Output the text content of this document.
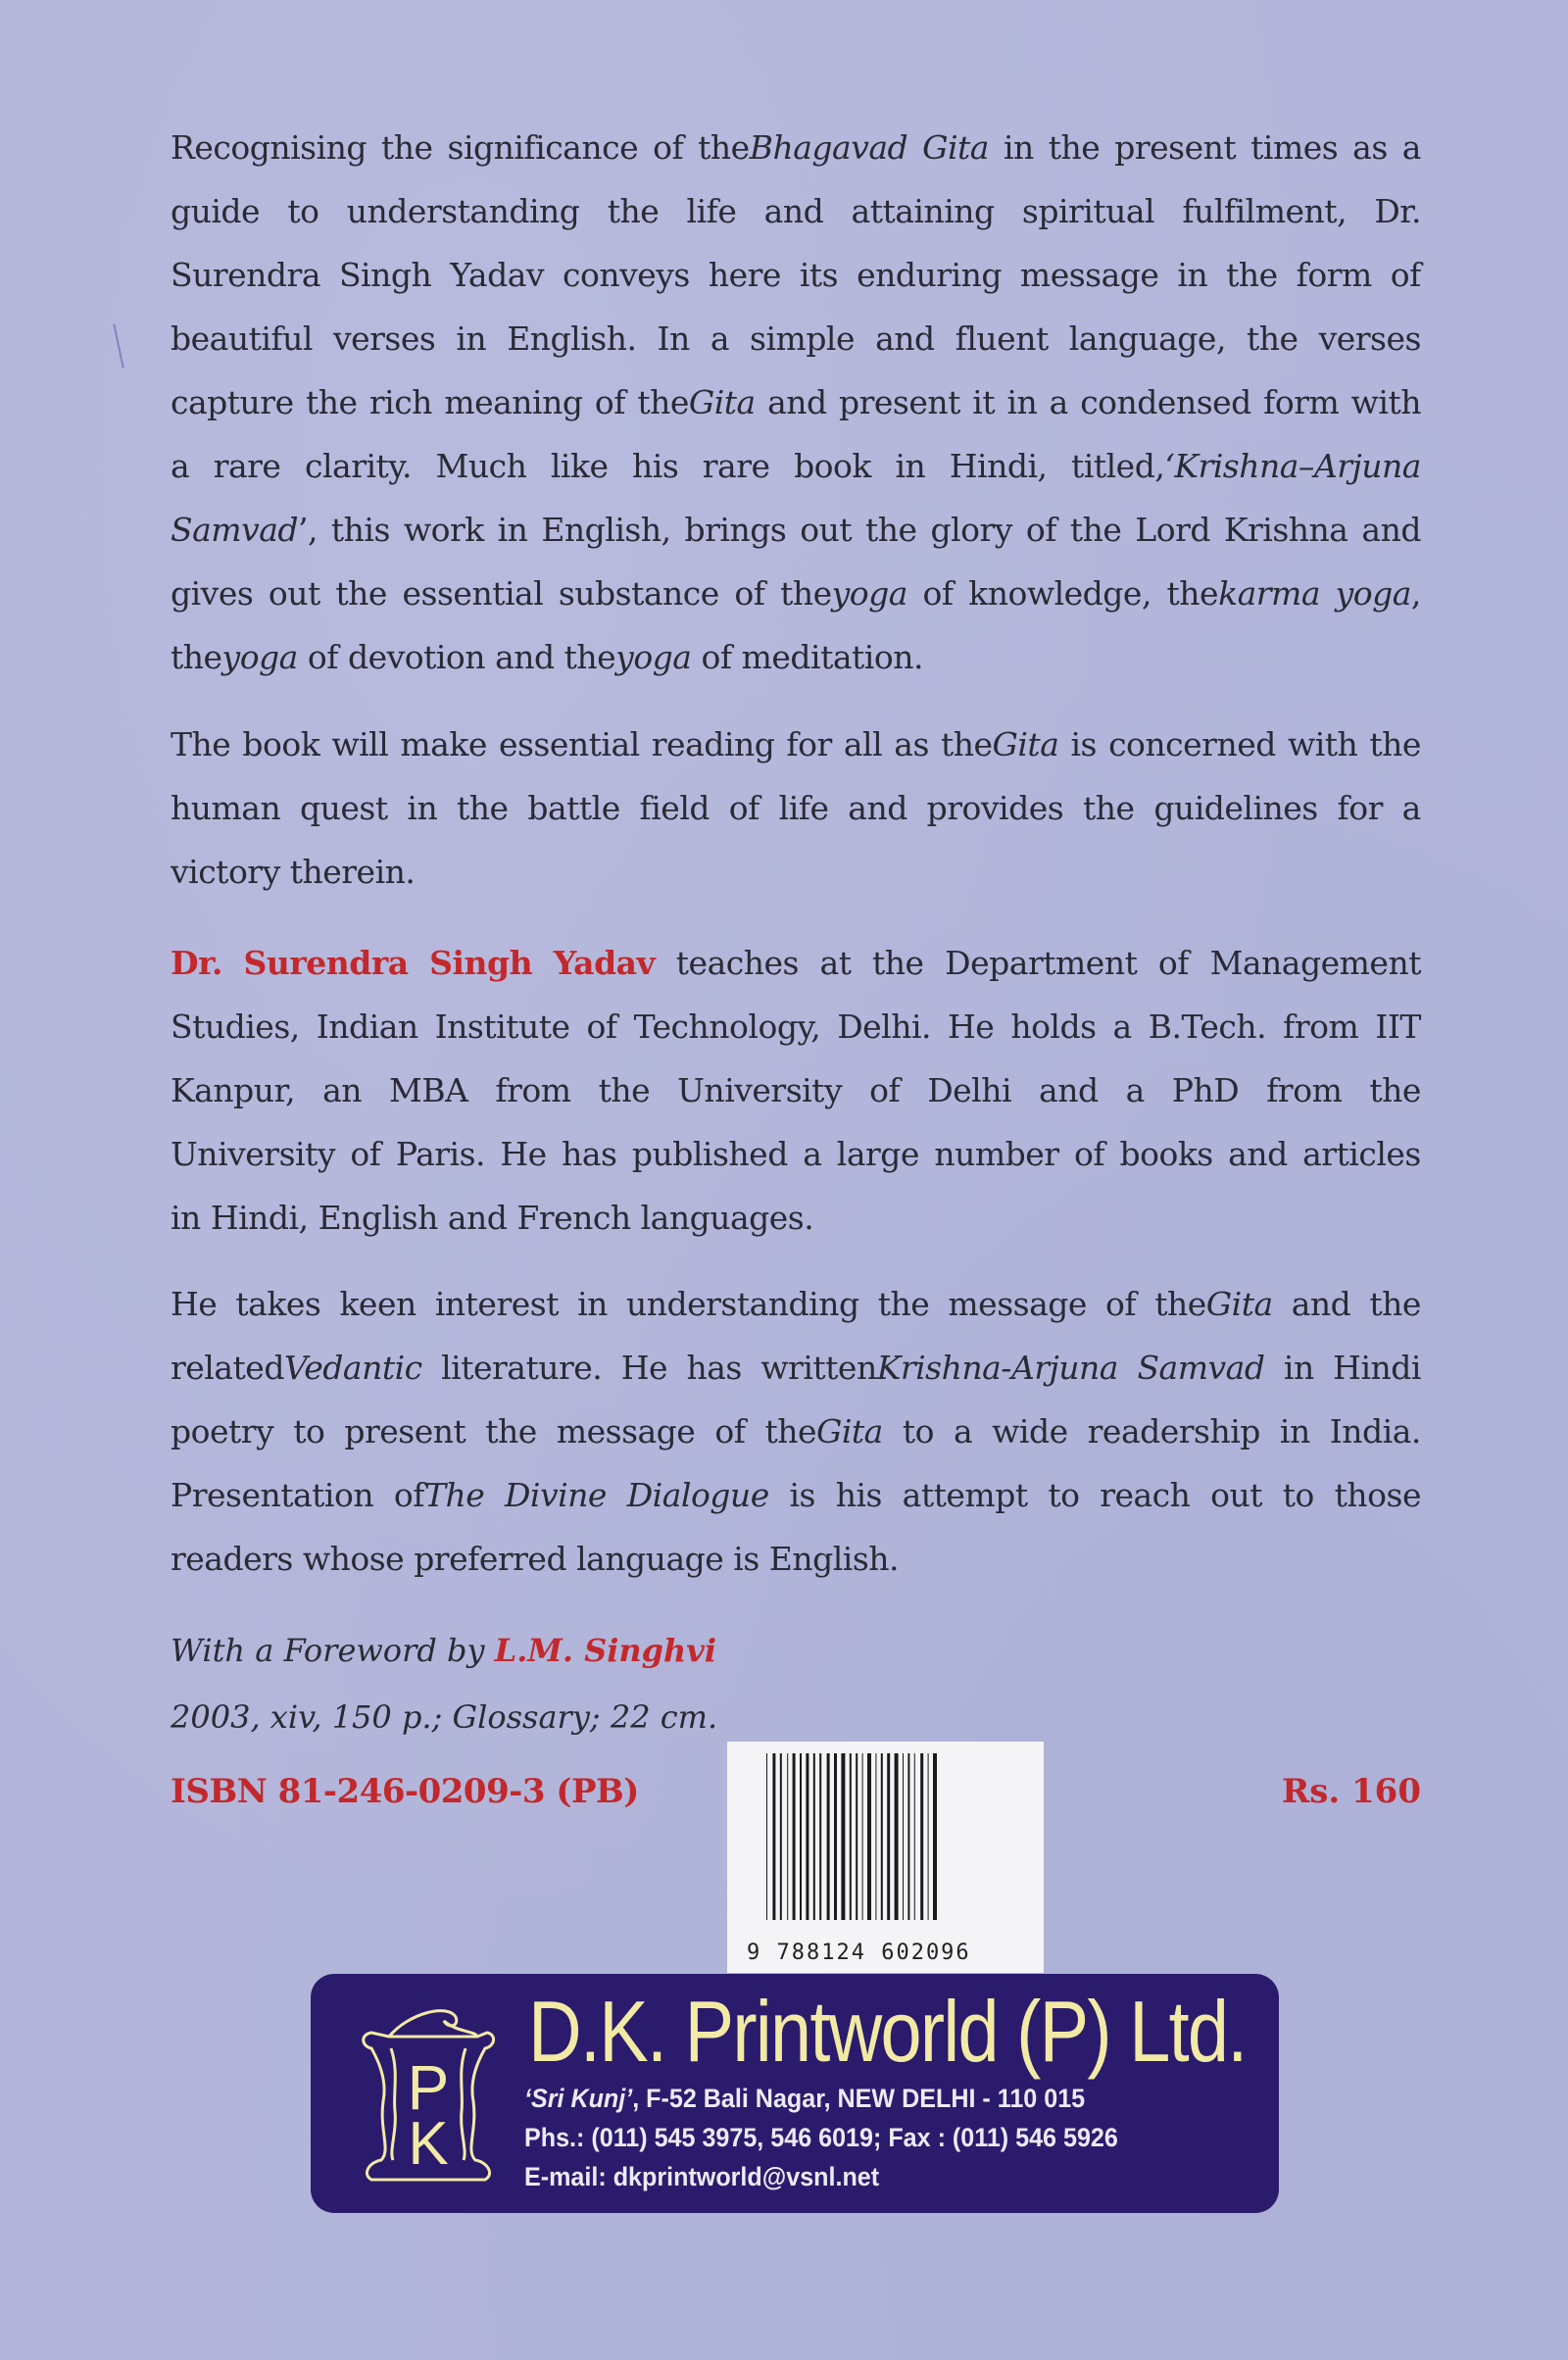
Recognising the significance of theBhagavad Gita in the present times as a
guide to understanding the life and attaining spiritual fulfilment, Dr.
Surendra Singh Yadav conveys here its enduring message in the form of
beautiful verses in English. In a simple and fluent language, the verses
capture the rich meaning of theGita and present it in a condensed form with
a rare clarity. Much like his rare book in Hindi, titled,‘Krishna–Arjuna
Samvad’, this work in English, brings out the glory of the Lord Krishna and
gives out the essential substance of theyoga of knowledge, thekarma yoga,
theyoga of devotion and theyoga of meditation.
The book will make essential reading for all as theGita is concerned with the
human quest in the battle field of life and provides the guidelines for a
victory therein.
Dr. Surendra Singh Yadav teaches at the Department of Management
Studies, Indian Institute of Technology, Delhi. He holds a B.Tech. from IIT
Kanpur, an MBA from the University of Delhi and a PhD from the
University of Paris. He has published a large number of books and articles
in Hindi, English and French languages.
He takes keen interest in understanding the message of theGita and the
relatedVedantic literature. He has writtenKrishna-Arjuna Samvad in Hindi
poetry to present the message of theGita to a wide readership in India.
Presentation ofThe Divine Dialogue is his attempt to reach out to those
readers whose preferred language is English.
With a Foreword by L.M. Singhvi
2003, xiv, 150 p.; Glossary; 22 cm.
ISBN 81-246-0209-3 (PB)	Rs. 160
9 788124 602096
P
K
D.K. Printworld (P) Ltd.
‘Sri Kunj’, F-52 Bali Nagar, NEW DELHI - 110 015
Phs.: (011) 545 3975, 546 6019; Fax : (011) 546 5926
E-mail: dkprintworld@vsnl.net
